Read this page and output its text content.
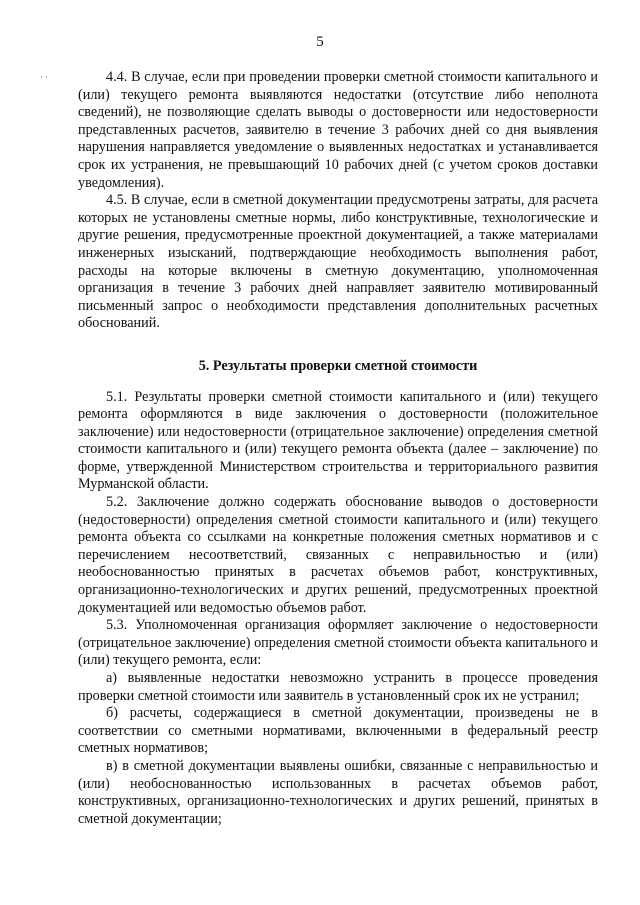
5
· ·	4.4. В случае, если при проведении проверки сметной стоимости капитального и (или) текущего ремонта выявляются недостатки (отсутствие либо неполнота сведений), не позволяющие сделать выводы о достоверности или недостоверности представленных расчетов, заявителю в течение 3 рабочих дней со дня выявления нарушения направляется уведомление о выявленных недостатках и устанавливается срок их устранения, не превышающий 10 рабочих дней (с учетом сроков доставки уведомления).

4.5. В случае, если в сметной документации предусмотрены затраты, для расчета которых не установлены сметные нормы, либо конструктивные, технологические и другие решения, предусмотренные проектной документацией, а также материалами инженерных изысканий, подтверждающие необходимость выполнения работ, расходы на которые включены в сметную документацию, уполномоченная организация в течение 3 рабочих дней направляет заявителю мотивированный письменный запрос о необходимости представления дополнительных расчетных обоснований.

5. Результаты проверки сметной стоимости

5.1. Результаты проверки сметной стоимости капитального и (или) текущего ремонта оформляются в виде заключения о достоверности (положительное заключение) или недостоверности (отрицательное заключение) определения сметной стоимости капитального и (или) текущего ремонта объекта (далее – заключение) по форме, утвержденной Министерством строительства и территориального развития Мурманской области.

5.2. Заключение должно содержать обоснование выводов о достоверности (недостоверности) определения сметной стоимости капитального и (или) текущего ремонта объекта со ссылками на конкретные положения сметных нормативов и с перечислением несоответствий, связанных с неправильностью и (или) необоснованностью принятых в расчетах объемов работ, конструктивных, организационно-технологических и других решений, предусмотренных проектной документацией или ведомостью объемов работ.

5.3. Уполномоченная организация оформляет заключение о недостоверности (отрицательное заключение) определения сметной стоимости объекта капитального и (или) текущего ремонта, если:

а) выявленные недостатки невозможно устранить в процессе проведения проверки сметной стоимости или заявитель в установленный срок их не устранил;

б) расчеты, содержащиеся в сметной документации, произведены не в соответствии со сметными нормативами, включенными в федеральный реестр сметных нормативов;

в) в сметной документации выявлены ошибки, связанные с неправильностью и (или) необоснованностью использованных в расчетах объемов работ, конструктивных, организационно-технологических и других решений, принятых в сметной документации;
